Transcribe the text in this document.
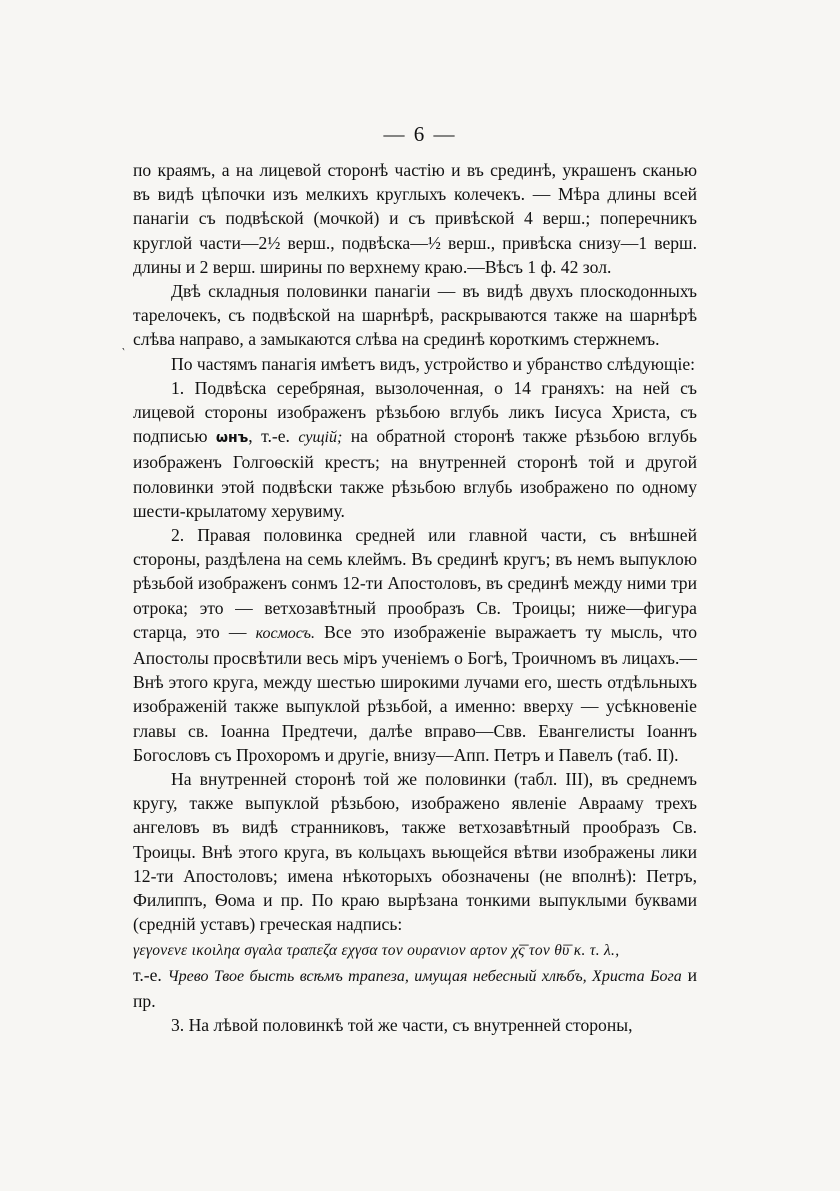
— 6 —
‵

по краямъ, а на лицевой сторонѣ частію и въ срединѣ, украшенъ сканью въ видѣ цѣпочки изъ мелкихъ круглыхъ колечекъ. — Мѣра длины всей панагіи съ подвѣской (мочкой) и съ привѣской 4 верш.; поперечникъ круглой части—2½ верш., подвѣска—½ верш., привѣска снизу—1 верш. длины и 2 верш. ширины по верхнему краю.—Вѣсъ 1 ф. 42 зол.

Двѣ складныя половинки панагіи — въ видѣ двухъ плоскодонныхъ тарелочекъ, съ подвѣской на шарнѣрѣ, раскрываются также на шарнѣрѣ слѣва направо, а замыкаются слѣва на срединѣ короткимъ стержнемъ.

По частямъ панагія имѣетъ видъ, устройство и убранство слѣдующіе:

1. Подвѣска серебряная, вызолоченная, о 14 граняхъ: на ней съ лицевой стороны изображенъ рѣзьбою вглубь ликъ Іисуса Христа, съ подписью ѡнъ, т.-е. сущій; на обратной сторонѣ также рѣзьбою вглубь изображенъ Голгоѳскій крестъ; на внутренней сторонѣ той и другой половинки этой подвѣски также рѣзьбою вглубь изображено по одному шести-крылатому херувиму.

2. Правая половинка средней или главной части, съ внѣшней стороны, раздѣлена на семь клеймъ. Въ срединѣ кругъ; въ немъ выпуклою рѣзьбой изображенъ сонмъ 12-ти Апостоловъ, въ срединѣ между ними три отрока; это — ветхозавѣтный прообразъ Св. Троицы; ниже—фигура старца, это — космосъ. Все это изображеніе выражаетъ ту мысль, что Апостолы просвѣтили весь міръ ученіемъ о Богѣ, Троичномъ въ лицахъ.—Внѣ этого круга, между шестью широкими лучами его, шесть отдѣльныхъ изображеній также выпуклой рѣзьбой, а именно: вверху — усѣкновеніе главы св. Іоанна Предтечи, далѣе вправо—Свв. Евангелисты Іоаннъ Богословъ съ Прохоромъ и другіе, внизу—Апп. Петръ и Павелъ (таб. II).

На внутренней сторонѣ той же половинки (табл. III), въ среднемъ кругу, также выпуклой рѣзьбою, изображено явленіе Аврааму трехъ ангеловъ въ видѣ странниковъ, также ветхозавѣтный прообразъ Св. Троицы. Внѣ этого круга, въ кольцахъ вьющейся вѣтви изображены лики 12-ти Апостоловъ; имена нѣкоторыхъ обозначены (не вполнѣ): Петръ, Филиппъ, Ѳома и пр. По краю вырѣзана тонкими выпуклыми буквами (средній уставъ) греческая надпись:

γεγονενε ικοιληα σγαλα τραπεζα εχγσα τον ουρανιον αρτον χ͞ς τον θ͞υ κ. τ. λ.,

т.-е. Чрево Твое бысть всѣмъ трапеза, имущая небесный хлѣбъ, Христа Бога и пр.

3. На лѣвой половинкѣ той же части, съ внутренней стороны,
